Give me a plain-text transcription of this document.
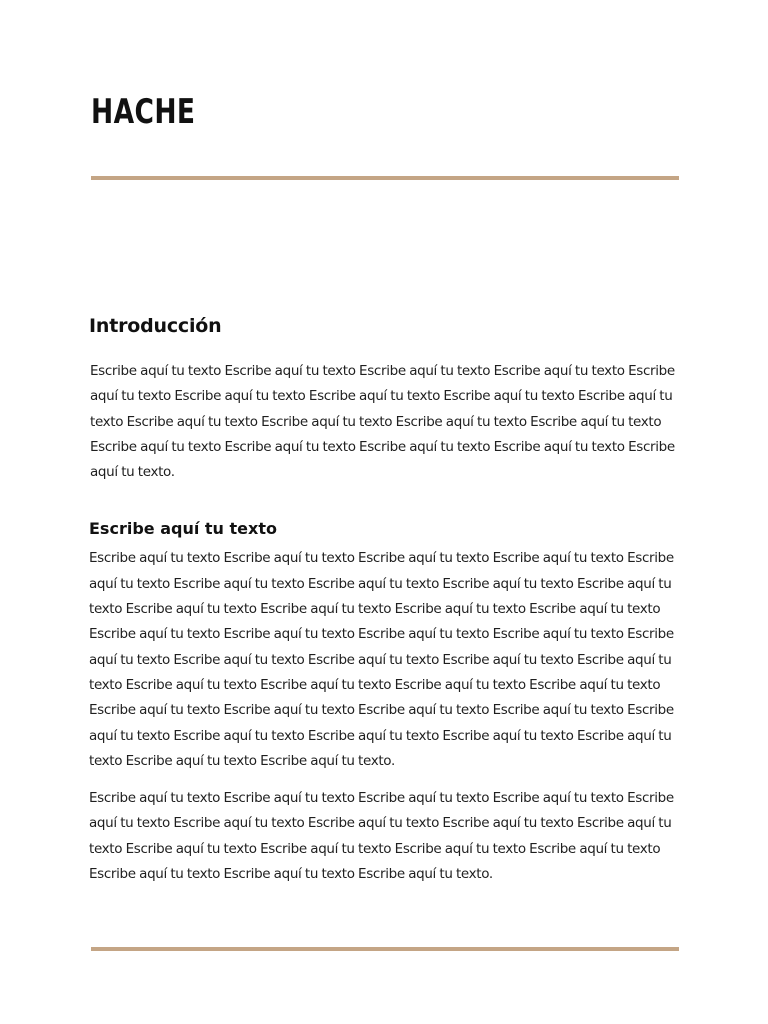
HACHE
Introducción

Escribe aquí tu texto Escribe aquí tu texto Escribe aquí tu texto Escribe aquí tu texto Escribe aquí tu texto Escribe aquí tu texto Escribe aquí tu texto Escribe aquí tu texto Escribe aquí tu texto Escribe aquí tu texto Escribe aquí tu texto Escribe aquí tu texto Escribe aquí tu texto Escribe aquí tu texto Escribe aquí tu texto Escribe aquí tu texto Escribe aquí tu texto Escribe aquí tu texto.

Escribe aquí tu texto

Escribe aquí tu texto Escribe aquí tu texto Escribe aquí tu texto Escribe aquí tu texto Escribe aquí tu texto Escribe aquí tu texto Escribe aquí tu texto Escribe aquí tu texto Escribe aquí tu texto Escribe aquí tu texto Escribe aquí tu texto Escribe aquí tu texto Escribe aquí tu texto Escribe aquí tu texto Escribe aquí tu texto Escribe aquí tu texto Escribe aquí tu texto Escribe aquí tu texto Escribe aquí tu texto Escribe aquí tu texto Escribe aquí tu texto Escribe aquí tu texto Escribe aquí tu texto Escribe aquí tu texto Escribe aquí tu texto Escribe aquí tu texto Escribe aquí tu texto Escribe aquí tu texto Escribe aquí tu texto Escribe aquí tu texto Escribe aquí tu texto Escribe aquí tu texto Escribe aquí tu texto Escribe aquí tu texto Escribe aquí tu texto Escribe aquí tu texto Escribe aquí tu texto.

Escribe aquí tu texto Escribe aquí tu texto Escribe aquí tu texto Escribe aquí tu texto Escribe aquí tu texto Escribe aquí tu texto Escribe aquí tu texto Escribe aquí tu texto Escribe aquí tu texto Escribe aquí tu texto Escribe aquí tu texto Escribe aquí tu texto Escribe aquí tu texto Escribe aquí tu texto Escribe aquí tu texto Escribe aquí tu texto.
